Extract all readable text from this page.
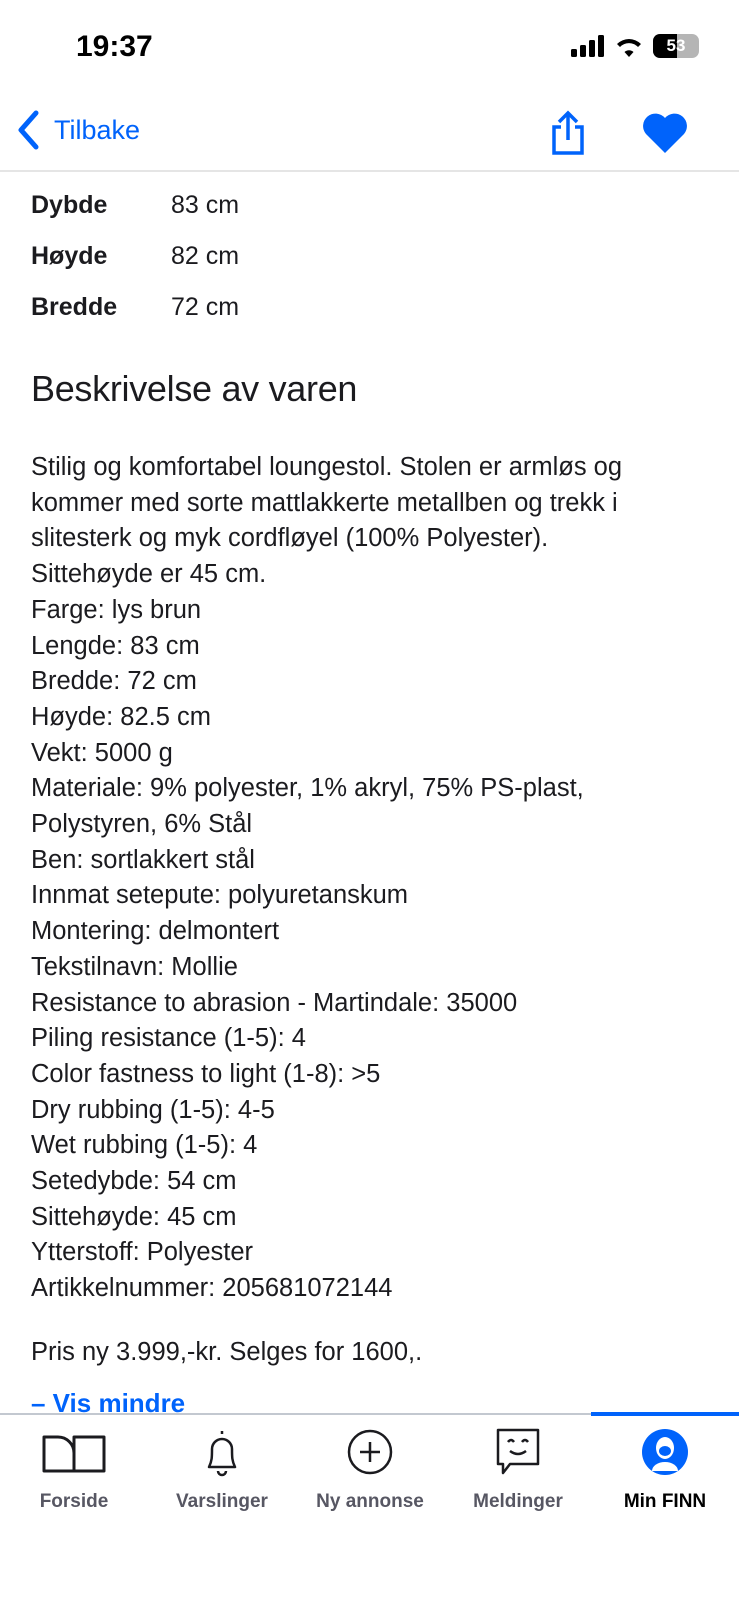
19:37	53
Tilbake
Dybde	83 cm
Høyde	82 cm
Bredde	72 cm
Beskrivelse av varen
Stilig og komfortabel loungestol. Stolen er armløs og
kommer med sorte mattlakkerte metallben og trekk i
slitesterk og myk cordfløyel (100% Polyester).
Sittehøyde er 45 cm.
Farge: lys brun
Lengde: 83 cm
Bredde: 72 cm
Høyde: 82.5 cm
Vekt: 5000 g
Materiale: 9% polyester, 1% akryl, 75% PS-plast,
Polystyren, 6% Stål
Ben: sortlakkert stål
Innmat setepute: polyuretanskum
Montering: delmontert
Tekstilnavn: Mollie
Resistance to abrasion - Martindale: 35000
Piling resistance (1-5): 4
Color fastness to light (1-8): >5
Dry rubbing (1-5): 4-5
Wet rubbing (1-5): 4
Setedybde: 54 cm
Sittehøyde: 45 cm
Ytterstoff: Polyester
Artikkelnummer: 205681072144
Pris ny 3.999,-kr. Selges for 1600,.
– Vis mindre
Forside	Varslinger	Ny annonse	Meldinger	Min FINN
